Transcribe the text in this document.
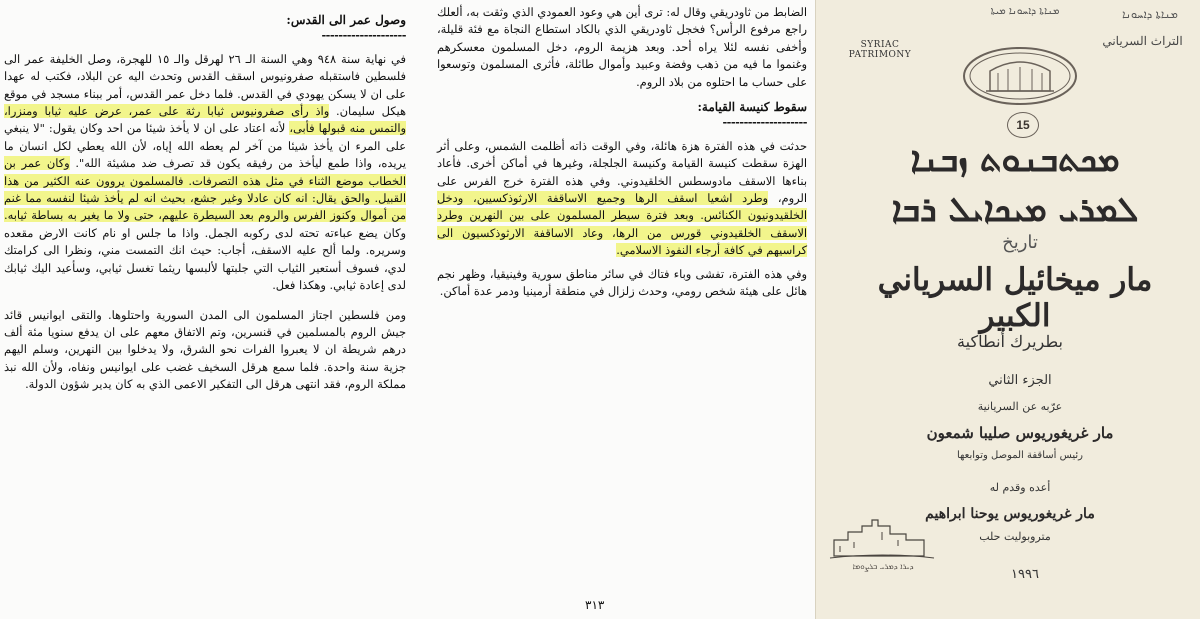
الضابط من ثاودريقي وقال له: ترى أين هي وعود العمودي الذي وثقت به، ألعلك راجع مرفوع الرأس؟ فخجل ثاودريقي الذي بالكاد استطاع النجاة مع فئة قليلة، وأخفى نفسه لئلا يراه أحد. وبعد هزيمة الروم، دخل المسلمون معسكرهم وغنموا ما فيه من ذهب وفضة وعبيد وأموال طائلة، فأثرى المسلمون وتوسعوا على حساب ما احتلوه من بلاد الروم.

سقوط كنيسة القيامة:
--------------------

حدثت في هذه الفترة هزة هائلة، وفي الوقت ذاته أظلمت الشمس، وعلى أثر الهزة سقطت كنيسة القيامة وكنيسة الجلجلة، وغيرها في أماكن أخرى. فأعاد بناءها الاسقف مادوسطس الخلقيدوني. وفي هذه الفترة خرج الفرس على الروم، وطرد اشعيا اسقف الرها وجميع الاساقفة الارثوذكسيين، ودخل الخلقيدونيون الكنائس. وبعد فترة سيطر المسلمون على بين النهرين وطرد الاسقف الخلقيدوني قورس من الرها، وعاد الاساقفة الارثوذكسيون الى كراسيهم في كافة أرجاء النفوذ الاسلامي.

وفي هذه الفترة، تفشى وباء فتاك في سائر مناطق سورية وفينيقيا، وظهر نجم هائل على هيئة شخص رومي، وحدث زلزال في منطقة أرمينيا ودمر عدة أماكن.

وصول عمر الى القدس:
--------------------

في نهاية سنة ٩٤٨ وهي السنة الـ ٢٦ لهرقل والـ ١٥ للهجرة، وصل الخليفة عمر الى فلسطين فاستقبله صفرونيوس اسقف القدس وتحدث اليه عن البلاد، فكتب له عهدا على ان لا يسكن يهودي في القدس. فلما دخل عمر القدس، أمر ببناء مسجد في موقع هيكل سليمان. واذ رأى صفرونيوس ثيابا رثة على عمر، عرض عليه ثيابا ومنزرا، والتمس منه قبولها فأبى، لأنه اعتاد على ان لا يأخذ شيئا من احد وكان يقول: "لا ينبغي على المرء ان يأخذ شيئا من آخر لم يعطه الله إياه، لأن الله يعطي لكل انسان ما يريده، واذا طمع ليأخذ من رفيقه يكون قد تصرف ضد مشيئة الله". وكان عمر بن الخطاب موضع الثناء في مثل هذه التصرفات. فالمسلمون يروون عنه الكثير من هذا القبيل. والحق يقال: انه كان عادلا وغير جشع، بحيث انه لم يأخذ شيئا لنفسه مما غنم من أموال وكنوز الفرس والروم بعد السيطرة عليهم، حتى ولا ما يغير به بساطة ثيابه. وكان يضع عباءته تحته لدى ركوبه الجمل. واذا ما جلس او نام كانت الارض مقعده وسريره. ولما ألح عليه الاسقف، أجاب: حيث انك التمست مني، ونظرا الى كرامتك لدي، فسوف أستعير الثياب التي جلبتها لألبسها ريثما تغسل ثيابي، وسأعيد اليك ثيابك لدى إعادة ثيابي. وهكذا فعل.

ومن فلسطين اجتاز المسلمون الى المدن السورية واحتلوها. والتقى ايوانيس قائد جيش الروم بالمسلمين في قنسرين، وتم الاتفاق معهم على ان يدفع سنويا مئة ألف درهم شريطة ان لا يعبروا الفرات نحو الشرق، ولا يدخلوا بين النهرين، وسلم اليهم جزية سنة واحدة. فلما سمع هرقل السخيف غضب على ايوانيس ونفاه، ولأن الله نبذ مملكة الروم، فقد انتهى هرقل الى التفكير الاعمى الذي به كان يدير شؤون الدولة.

٣١٣
ܡܢܐܬܐ ܕܐܚܘܢܐ ܡܝܬܐ	ܡܢܐܬܐ ܕܐܚܘܢܐ
SYRIAC PATRIMONY
التراث السرياني
15
ܡܟܬܒܢܘܬ ܙܒܢܐ
ܠܡܪܝ ܡܝܟܐܝܠ ܪܒܐ
تاريخ
مار ميخائيل السرياني الكبير
بطريرك أنطاكية
الجزء الثاني
عرّبه عن السريانية
مار غريغوريوس صليبا شمعون
رئيس أساقفة الموصل وتوابعها
أعده وقدم له
مار غريغوريوس يوحنا ابراهيم
متروبوليت حلب
١٩٩٦
ܕܝܪܐ ܕܡܪܝ ܒܪܨܘܡܐ
